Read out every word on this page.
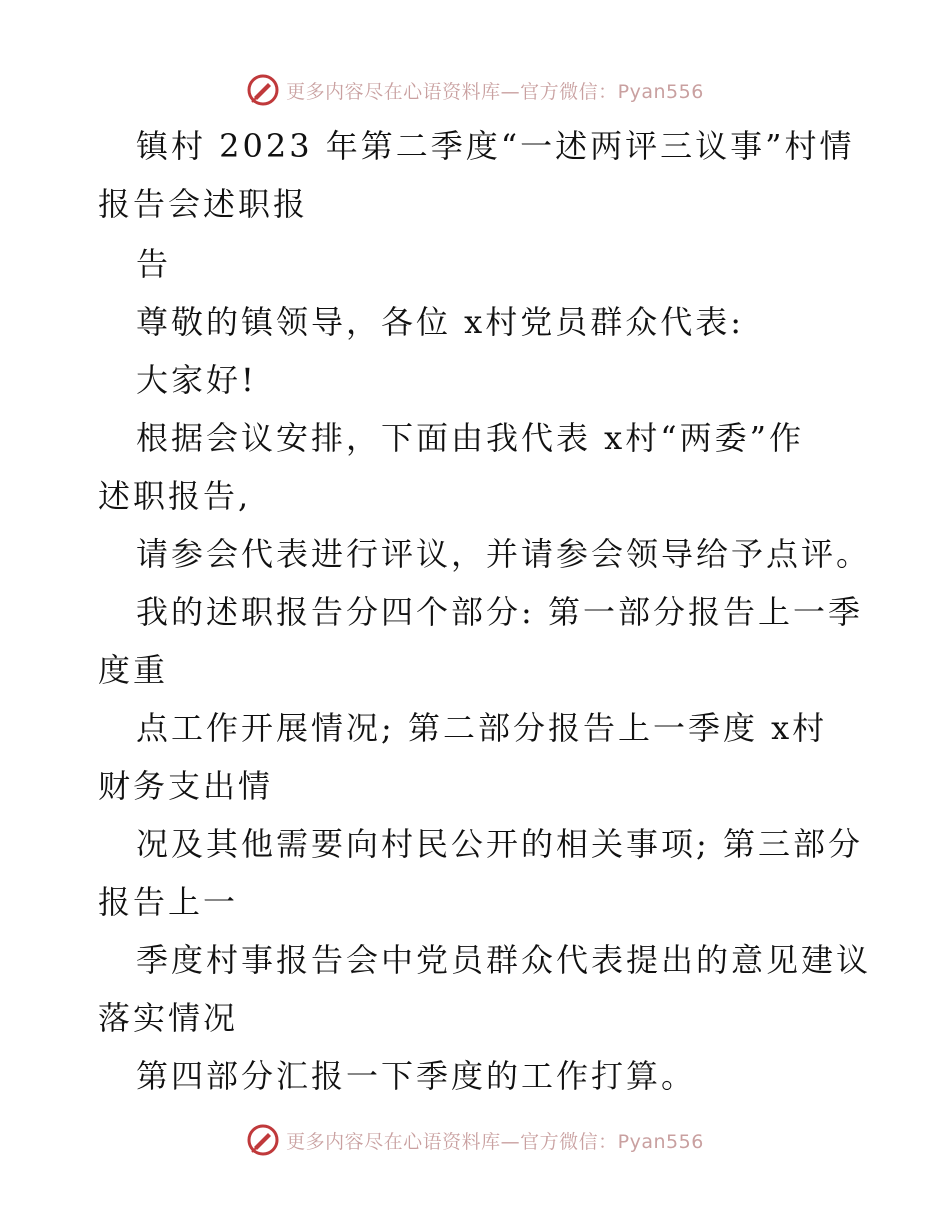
更多内容尽在心语资料库—官方微信：Pyan556
镇村 2023 年第二季度“一述两评三议事”村情
报告会述职报
告
尊敬的镇领导，各位 x村党员群众代表:
大家好!
根据会议安排，下面由我代表 x村“两委”作
述职报告,
请参会代表进行评议，并请参会领导给予点评。
我的述职报告分四个部分: 第一部分报告上一季
度重
点工作开展情况; 第二部分报告上一季度 x村
财务支出情
况及其他需要向村民公开的相关事项; 第三部分
报告上一
季度村事报告会中党员群众代表提出的意见建议
落实情况
第四部分汇报一下季度的工作打算。
更多内容尽在心语资料库—官方微信：Pyan556
